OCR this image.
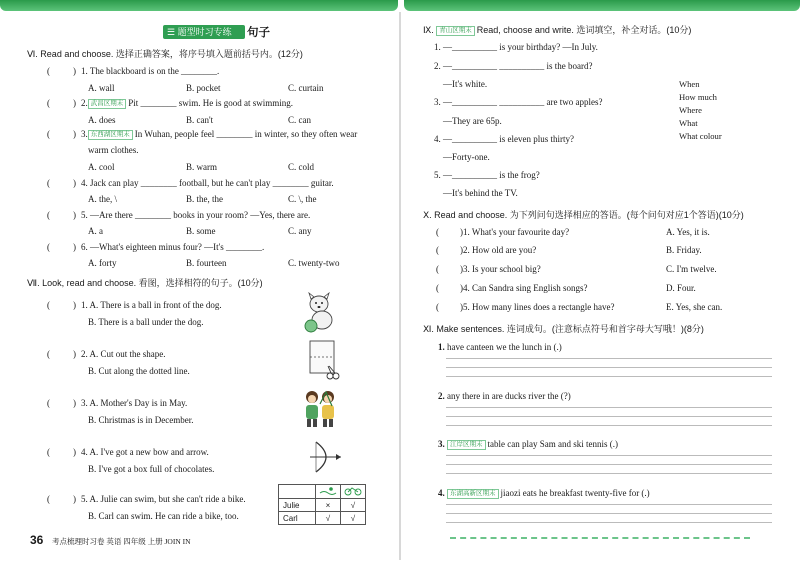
☰ 题型时习专练	句子
Ⅵ. Read and choose. 选择正确答案，将序号填入题前括号内。(12分)
(	) 1. The blackboard is on the ________.
A. wall	B. pocket	C. curtain
(	) 2. 武昌区期末 Pit ________ swim. He is good at swimming.
A. does	B. can't	C. can
(	) 3. 东西湖区期末 In Wuhan, people feel ________ in winter, so they often wear
warm clothes.
A. cool	B. warm	C. cold
(	) 4. Jack can play ________ football, but he can't play ________ guitar.
A. the, \	B. the, the	C. \, the
(	) 5. —Are there ________ books in your room? —Yes, there are.
A. a	B. some	C. any
(	) 6. —What's eighteen minus four? —It's ________.
A. forty	B. fourteen	C. twenty-two
Ⅶ. Look, read and choose. 看图，选择相符的句子。(10分)
(	) 1. A. There is a ball in front of the dog.
B. There is a ball under the dog.
(	) 2. A. Cut out the shape.
B. Cut along the dotted line.
(	) 3. A. Mother's Day is in May.
B. Christmas is in December.
(	) 4. A. I've got a new bow and arrow.
B. I've got a box full of chocolates.
(	) 5. A. Julie can swim, but she can't ride a bike.
B. Carl can swim. He can ride a bike, too.

Julie	×	√
Carl	√	√
36 考点梳理时习卷 英语 四年级 上册 JOIN IN
Ⅸ. 青山区期末 Read, choose and write. 选词填空，补全对话。(10分)
1. —__________ is your birthday? —In July.
2. —__________ __________ is the board?
—It's white.
3. —__________ __________ are two apples?
—They are 65p.
4. —__________ is eleven plus thirty?
—Forty-one.
5. —__________ is the frog?
—It's behind the TV.
When
How much
Where
What
What colour
Ⅹ. Read and choose. 为下列问句选择相应的答语。(每个问句对应1个答语)(10分)
( )1. What's your favourite day?	A. Yes, it is.
( )2. How old are you?	B. Friday.
( )3. Is your school big?	C. I'm twelve.
( )4. Can Sandra sing English songs?	D. Four.
( )5. How many lines does a rectangle have?	E. Yes, she can.
Ⅺ. Make sentences. 连词成句。(注意标点符号和首字母大写哦！)(8分)
1. have canteen we the lunch in (.)
2. any there in are ducks river the (?)
3. 江岸区期末 table can play Sam and ski tennis (.)
4. 东湖高新区期末 jiaozi eats he breakfast twenty-five for (.)
